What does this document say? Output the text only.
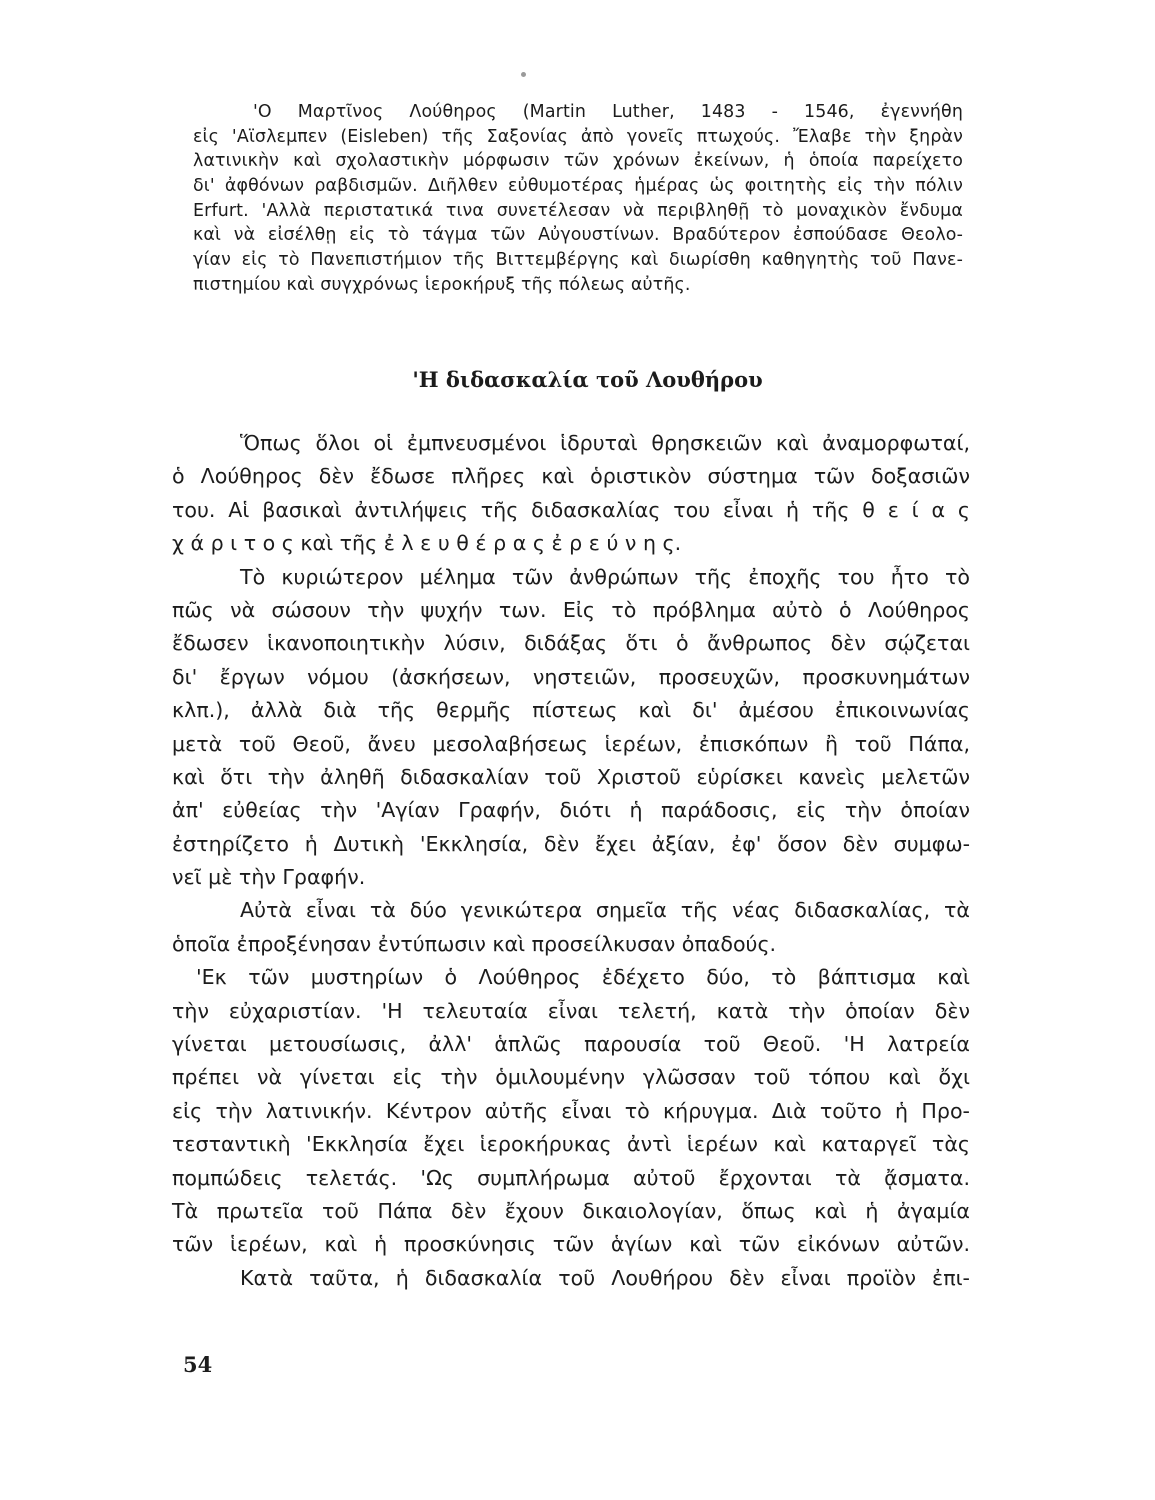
'Ο Μαρτῖνος Λούθηρος (Martin Luther, 1483 - 1546, ἐγεννήθη
εἰς 'Αϊσλεμπεν (Eisleben) τῆς Σαξονίας ἀπὸ γονεῖς πτωχούς. Ἔλαβε τὴν ξηρὰν
λατινικὴν καὶ σχολαστικὴν μόρφωσιν τῶν χρόνων ἐκείνων, ἡ ὁποία παρείχετο
δι' ἀφθόνων ραβδισμῶν. Διῆλθεν εὐθυμοτέρας ἡμέρας ὡς φοιτητὴς εἰς τὴν πόλιν
Erfurt. 'Αλλὰ περιστατικά τινα συνετέλεσαν νὰ περιβληθῇ τὸ μοναχικὸν ἔνδυμα
καὶ νὰ εἰσέλθῃ εἰς τὸ τάγμα τῶν Αὐγουστίνων. Βραδύτερον ἐσπούδασε Θεολο-
γίαν εἰς τὸ Πανεπιστήμιον τῆς Βιττεμβέργης καὶ διωρίσθη καθηγητὴς τοῦ Πανε-
πιστημίου καὶ συγχρόνως ἱεροκήρυξ τῆς πόλεως αὐτῆς.
'Η διδασκαλία τοῦ Λουθήρου
Ὅπως ὅλοι οἱ ἐμπνευσμένοι ἱδρυταὶ θρησκειῶν καὶ ἀναμορφωταί,
ὁ Λούθηρος δὲν ἔδωσε πλῆρες καὶ ὁριστικὸν σύστημα τῶν δοξασιῶν
του. Αἱ βασικαὶ ἀντιλήψεις τῆς διδασκαλίας του εἶναι ἡ τῆς θ ε ί α ς
χ ά ρ ι τ ο ς καὶ τῆς ἐ λ ε υ θ έ ρ α ς ἐ ρ ε ύ ν η ς.
Τὸ κυριώτερον μέλημα τῶν ἀνθρώπων τῆς ἐποχῆς του ἦτο τὸ
πῶς νὰ σώσουν τὴν ψυχήν των. Εἰς τὸ πρόβλημα αὐτὸ ὁ Λούθηρος
ἔδωσεν ἱκανοποιητικὴν λύσιν, διδάξας ὅτι ὁ ἄνθρωπος δὲν σῴζεται
δι' ἔργων νόμου (ἀσκήσεων, νηστειῶν, προσευχῶν, προσκυνημάτων
κλπ.), ἀλλὰ διὰ τῆς θερμῆς πίστεως καὶ δι' ἀμέσου ἐπικοινωνίας
μετὰ τοῦ Θεοῦ, ἄνευ μεσολαβήσεως ἱερέων, ἐπισκόπων ἢ τοῦ Πάπα,
καὶ ὅτι τὴν ἀληθῆ διδασκαλίαν τοῦ Χριστοῦ εὑρίσκει κανεὶς μελετῶν
ἀπ' εὐθείας τὴν 'Αγίαν Γραφήν, διότι ἡ παράδοσις, εἰς τὴν ὁποίαν
ἐστηρίζετο ἡ Δυτικὴ 'Εκκλησία, δὲν ἔχει ἀξίαν, ἐφ' ὅσον δὲν συμφω-
νεῖ μὲ τὴν Γραφήν.
Αὐτὰ εἶναι τὰ δύο γενικώτερα σημεῖα τῆς νέας διδασκαλίας, τὰ
ὁποῖα ἐπροξένησαν ἐντύπωσιν καὶ προσείλκυσαν ὀπαδούς.
'Εκ τῶν μυστηρίων ὁ Λούθηρος ἐδέχετο δύο, τὸ βάπτισμα καὶ
τὴν εὐχαριστίαν. 'Η τελευταία εἶναι τελετή, κατὰ τὴν ὁποίαν δὲν
γίνεται μετουσίωσις, ἀλλ' ἁπλῶς παρουσία τοῦ Θεοῦ. 'Η λατρεία
πρέπει νὰ γίνεται εἰς τὴν ὁμιλουμένην γλῶσσαν τοῦ τόπου καὶ ὄχι
εἰς τὴν λατινικήν. Κέντρον αὐτῆς εἶναι τὸ κήρυγμα. Διὰ τοῦτο ἡ Προ-
τεσταντικὴ 'Εκκλησία ἔχει ἱεροκήρυκας ἀντὶ ἱερέων καὶ καταργεῖ τὰς
πομπώδεις τελετάς. 'Ως συμπλήρωμα αὐτοῦ ἔρχονται τὰ ᾄσματα.
Τὰ πρωτεῖα τοῦ Πάπα δὲν ἔχουν δικαιολογίαν, ὅπως καὶ ἡ ἀγαμία
τῶν ἱερέων, καὶ ἡ προσκύνησις τῶν ἁγίων καὶ τῶν εἰκόνων αὐτῶν.
Κατὰ ταῦτα, ἡ διδασκαλία τοῦ Λουθήρου δὲν εἶναι προϊὸν ἐπι-
54
